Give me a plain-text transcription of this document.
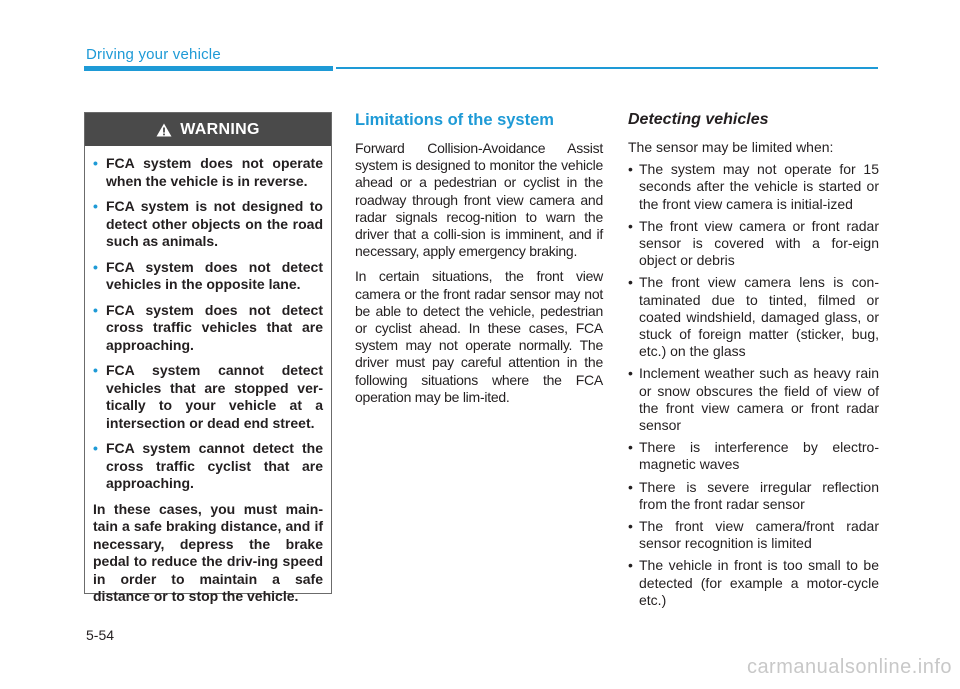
Driving your vehicle
WARNING
• FCA system does not operate when the vehicle is in reverse.
• FCA system is not designed to detect other objects on the road such as animals.
• FCA system does not detect vehicles in the opposite lane.
• FCA system does not detect cross traffic vehicles that are approaching.
• FCA system cannot detect vehicles that are stopped ver-tically to your vehicle at a intersection or dead end street.
• FCA system cannot detect the cross traffic cyclist that are approaching.

In these cases, you must main-tain a safe braking distance, and if necessary, depress the brake pedal to reduce the driv-ing speed in order to maintain a safe distance or to stop the vehicle.

Limitations of the system

Forward Collision-Avoidance Assist system is designed to monitor the vehicle ahead or a pedestrian or cyclist in the roadway through front view camera and radar signals recog-nition to warn the driver that a colli-sion is imminent, and if necessary, apply emergency braking.

In certain situations, the front view camera or the front radar sensor may not be able to detect the vehicle, pedestrian or cyclist ahead. In these cases, FCA system may not operate normally. The driver must pay careful attention in the following situations where the FCA operation may be lim-ited.

Detecting vehicles

The sensor may be limited when:

• The system may not operate for 15 seconds after the vehicle is started or the front view camera is initial-ized
• The front view camera or front radar sensor is covered with a for-eign object or debris
• The front view camera lens is con-taminated due to tinted, filmed or coated windshield, damaged glass, or stuck of foreign matter (sticker, bug, etc.) on the glass
• Inclement weather such as heavy rain or snow obscures the field of view of the front view camera or front radar sensor
• There is interference by electro-magnetic waves
• There is severe irregular reflection from the front radar sensor
• The front view camera/front radar sensor recognition is limited
• The vehicle in front is too small to be detected (for example a motor-cycle etc.)
5-54
carmanualsonline.info
